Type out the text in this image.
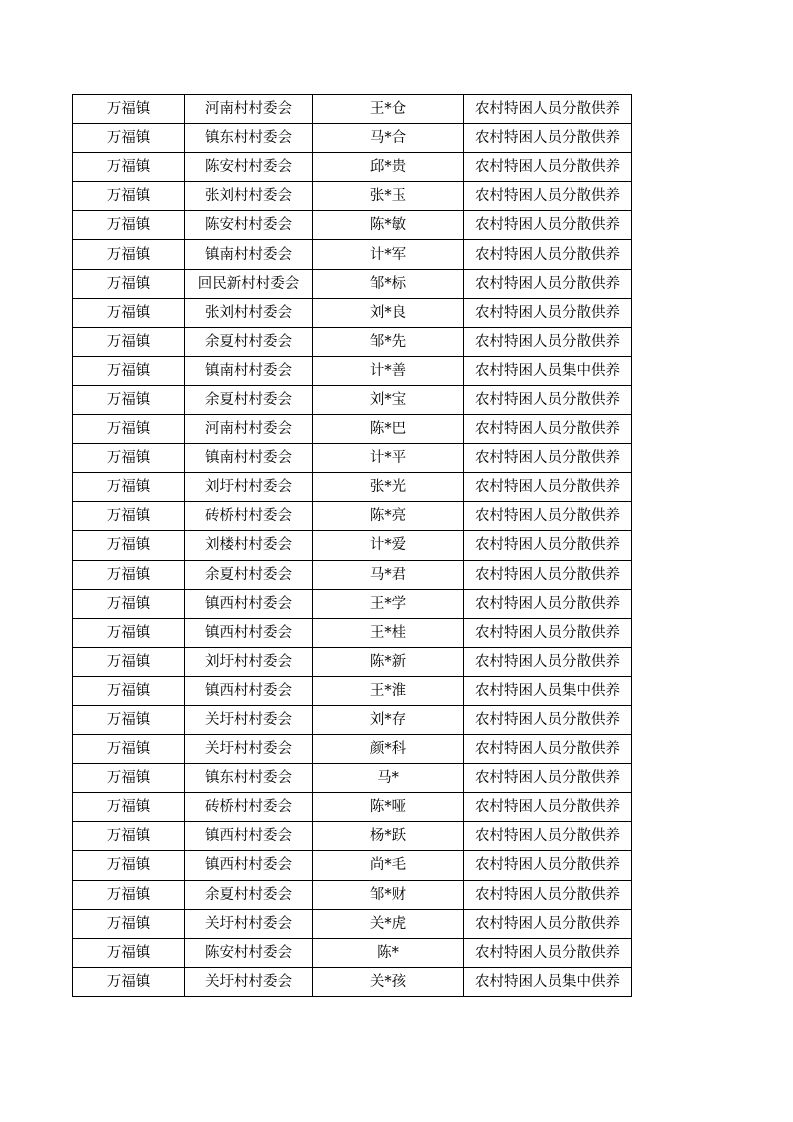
万福镇	河南村村委会	王*仓	农村特困人员分散供养
万福镇	镇东村村委会	马*合	农村特困人员分散供养
万福镇	陈安村村委会	邱*贵	农村特困人员分散供养
万福镇	张刘村村委会	张*玉	农村特困人员分散供养
万福镇	陈安村村委会	陈*敏	农村特困人员分散供养
万福镇	镇南村村委会	计*军	农村特困人员分散供养
万福镇	回民新村村委会	邹*标	农村特困人员分散供养
万福镇	张刘村村委会	刘*良	农村特困人员分散供养
万福镇	余夏村村委会	邹*先	农村特困人员分散供养
万福镇	镇南村村委会	计*善	农村特困人员集中供养
万福镇	余夏村村委会	刘*宝	农村特困人员分散供养
万福镇	河南村村委会	陈*巴	农村特困人员分散供养
万福镇	镇南村村委会	计*平	农村特困人员分散供养
万福镇	刘圩村村委会	张*光	农村特困人员分散供养
万福镇	砖桥村村委会	陈*亮	农村特困人员分散供养
万福镇	刘楼村村委会	计*爱	农村特困人员分散供养
万福镇	余夏村村委会	马*君	农村特困人员分散供养
万福镇	镇西村村委会	王*学	农村特困人员分散供养
万福镇	镇西村村委会	王*桂	农村特困人员分散供养
万福镇	刘圩村村委会	陈*新	农村特困人员分散供养
万福镇	镇西村村委会	王*淮	农村特困人员集中供养
万福镇	关圩村村委会	刘*存	农村特困人员分散供养
万福镇	关圩村村委会	颜*科	农村特困人员分散供养
万福镇	镇东村村委会	马*	农村特困人员分散供养
万福镇	砖桥村村委会	陈*哑	农村特困人员分散供养
万福镇	镇西村村委会	杨*跃	农村特困人员分散供养
万福镇	镇西村村委会	尚*毛	农村特困人员分散供养
万福镇	余夏村村委会	邹*财	农村特困人员分散供养
万福镇	关圩村村委会	关*虎	农村特困人员分散供养
万福镇	陈安村村委会	陈*	农村特困人员分散供养
万福镇	关圩村村委会	关*孩	农村特困人员集中供养
